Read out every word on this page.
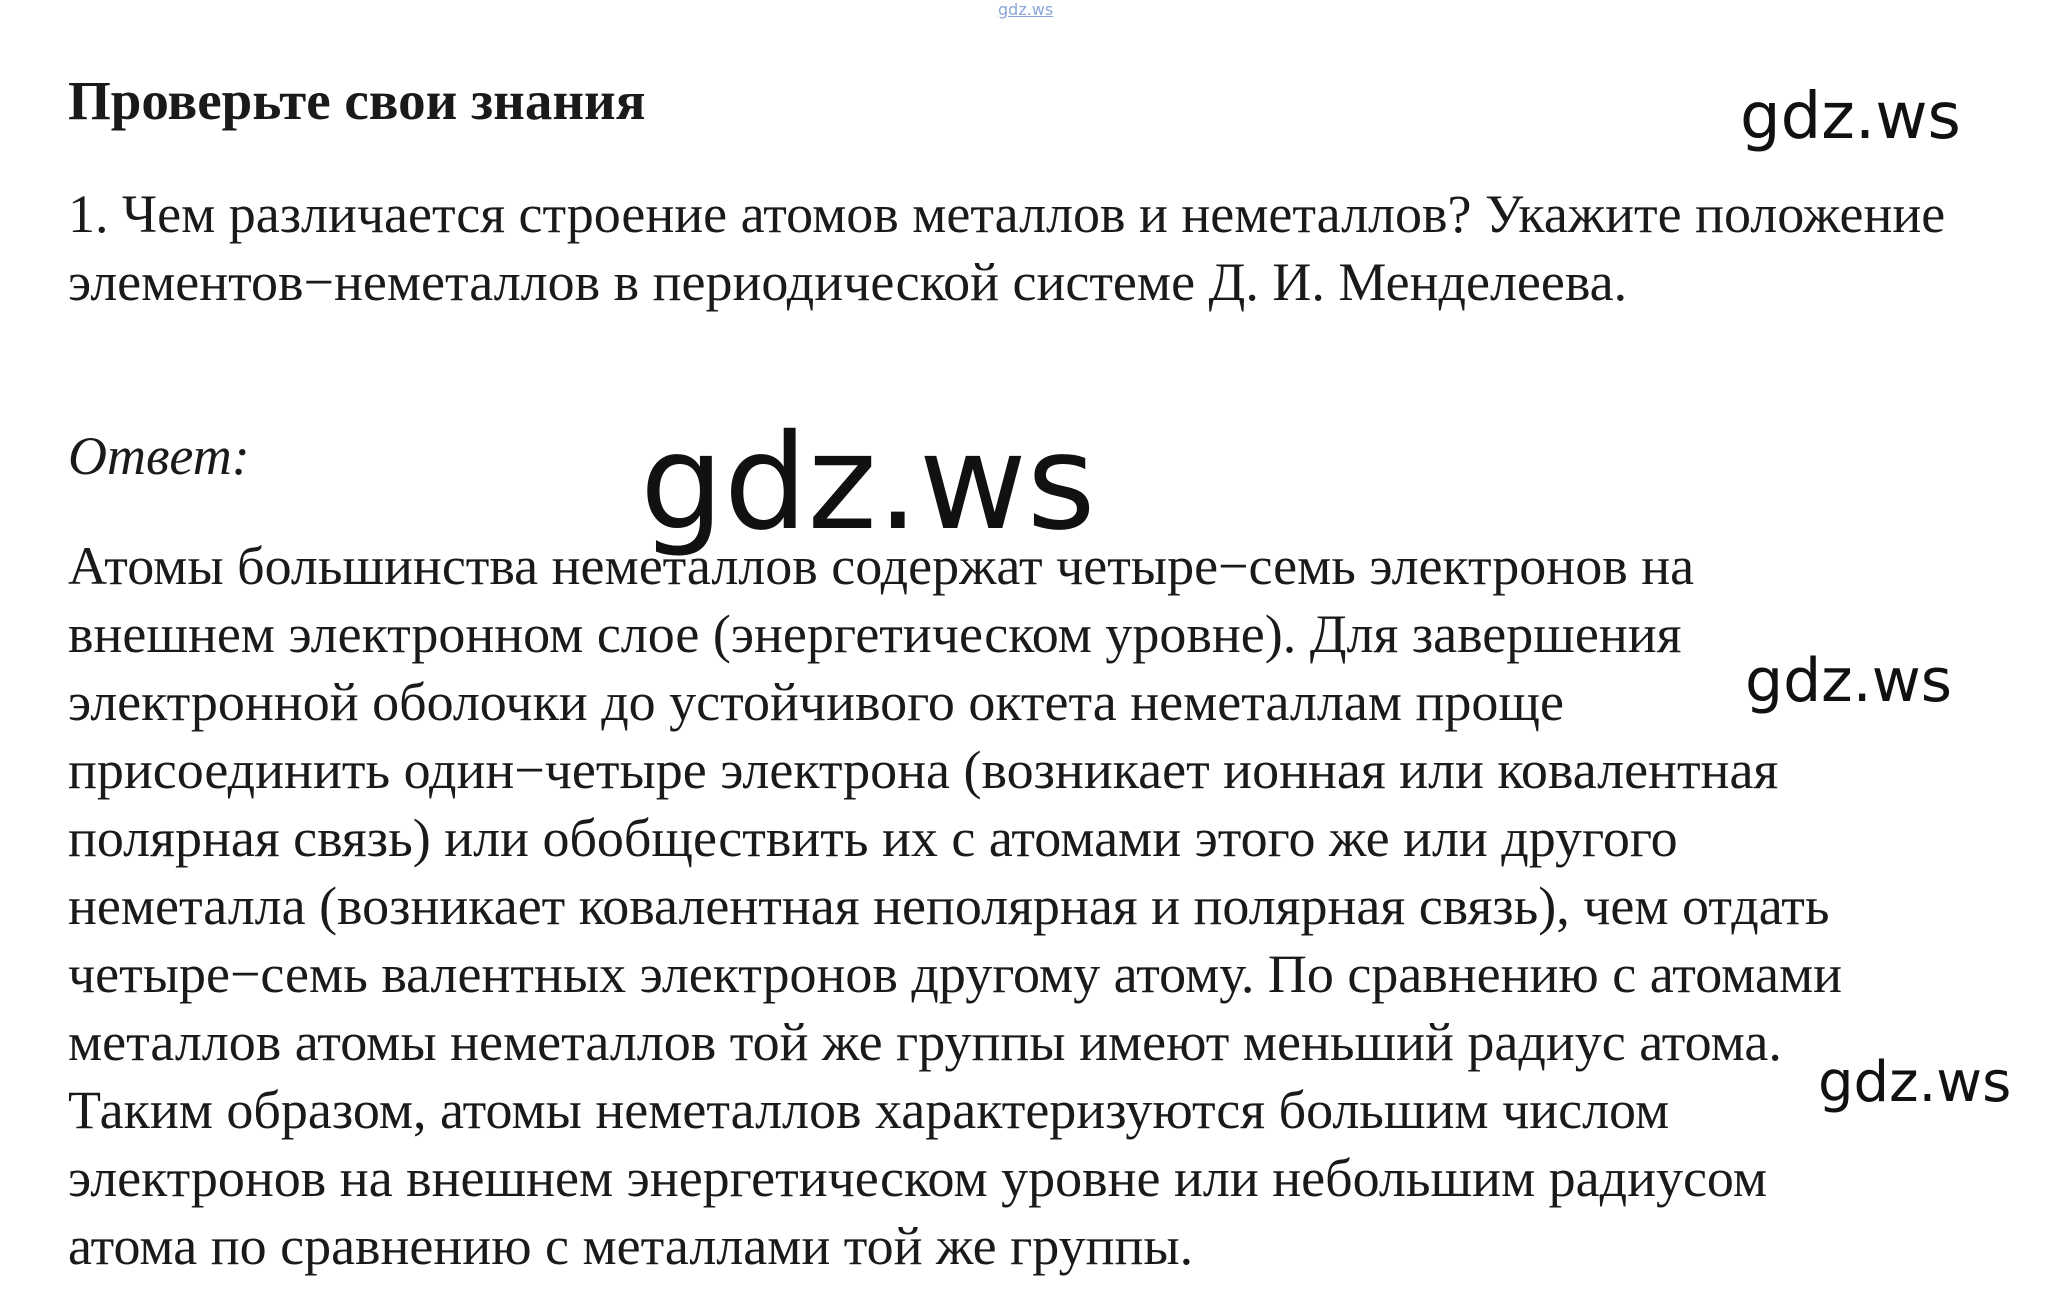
gdz.ws
Проверьте свои знания
1. Чем различается строение атомов металлов и неметаллов? Укажите положение элементов−неметаллов в периодической системе Д. И. Менделеева.
Ответ:
Атомы большинства неметаллов содержат четыре−семь электронов на
внешнем электронном слое (энергетическом уровне). Для завершения
электронной оболочки до устойчивого октета неметаллам проще
присоединить один−четыре электрона (возникает ионная или ковалентная
полярная связь) или обобществить их с атомами этого же или другого
неметалла (возникает ковалентная неполярная и полярная связь), чем отдать
четыре−семь валентных электронов другому атому. По сравнению с атомами
металлов атомы неметаллов той же группы имеют меньший радиус атома.
Таким образом, атомы неметаллов характеризуются большим числом
электронов на внешнем энергетическом уровне или небольшим радиусом
атома по сравнению с металлами той же группы.
gdz.ws
gdz.ws
gdz.ws
gdz.ws
